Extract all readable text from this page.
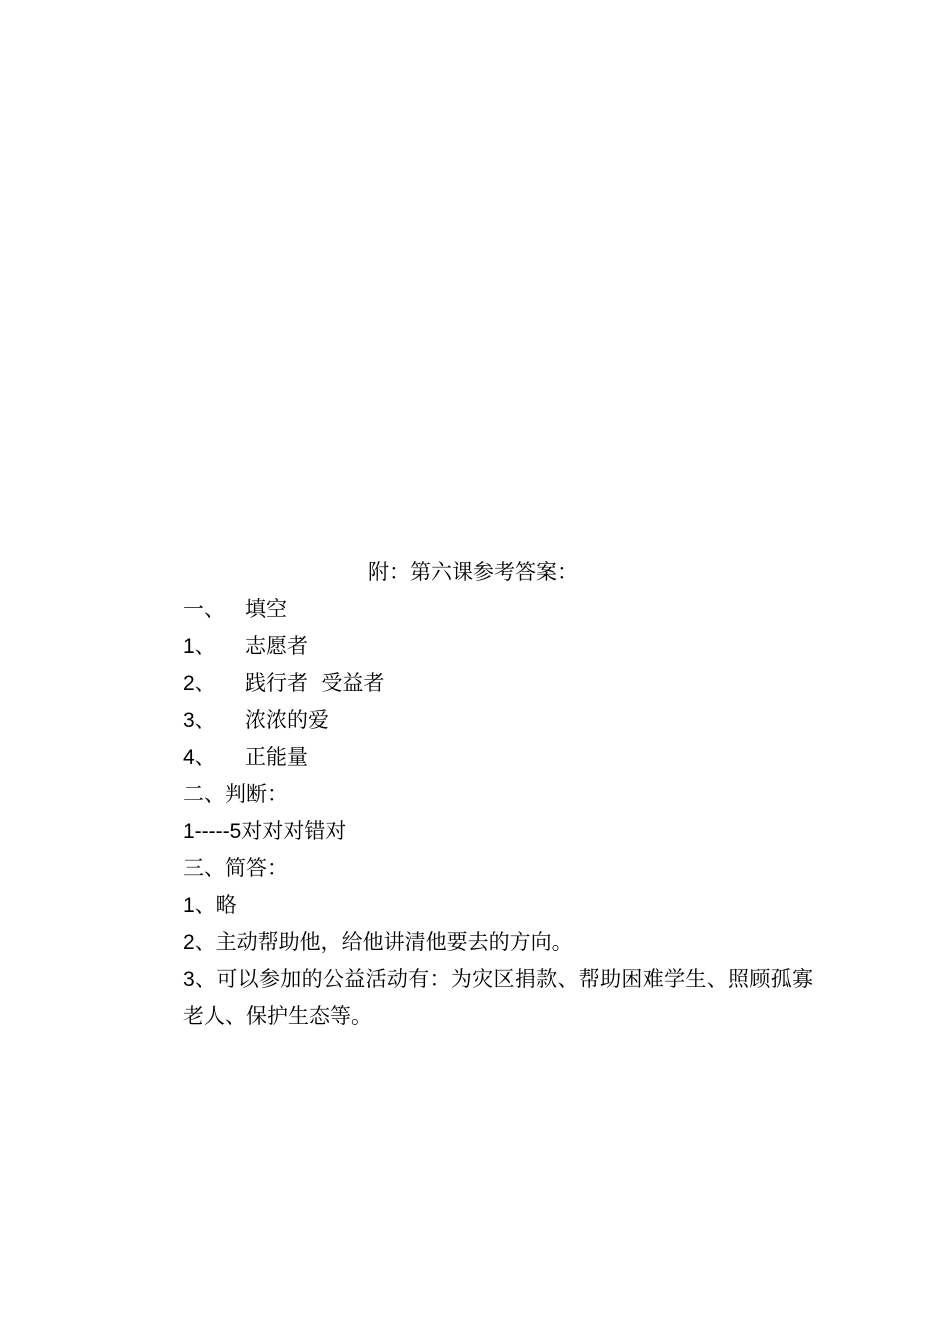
附：第六课参考答案：
一、 填空
1、	志愿者
2、	践行者  受益者
3、	浓浓的爱
4、	正能量
二、判断：
1-----5 对对对错对
三、简答：
1 、略
2 、主动帮助他，给他讲清他要去的方向。
3、可以参加的公益活动有：为灾区捐款、帮助困难学生、照顾孤寡老人、保护生态等。
